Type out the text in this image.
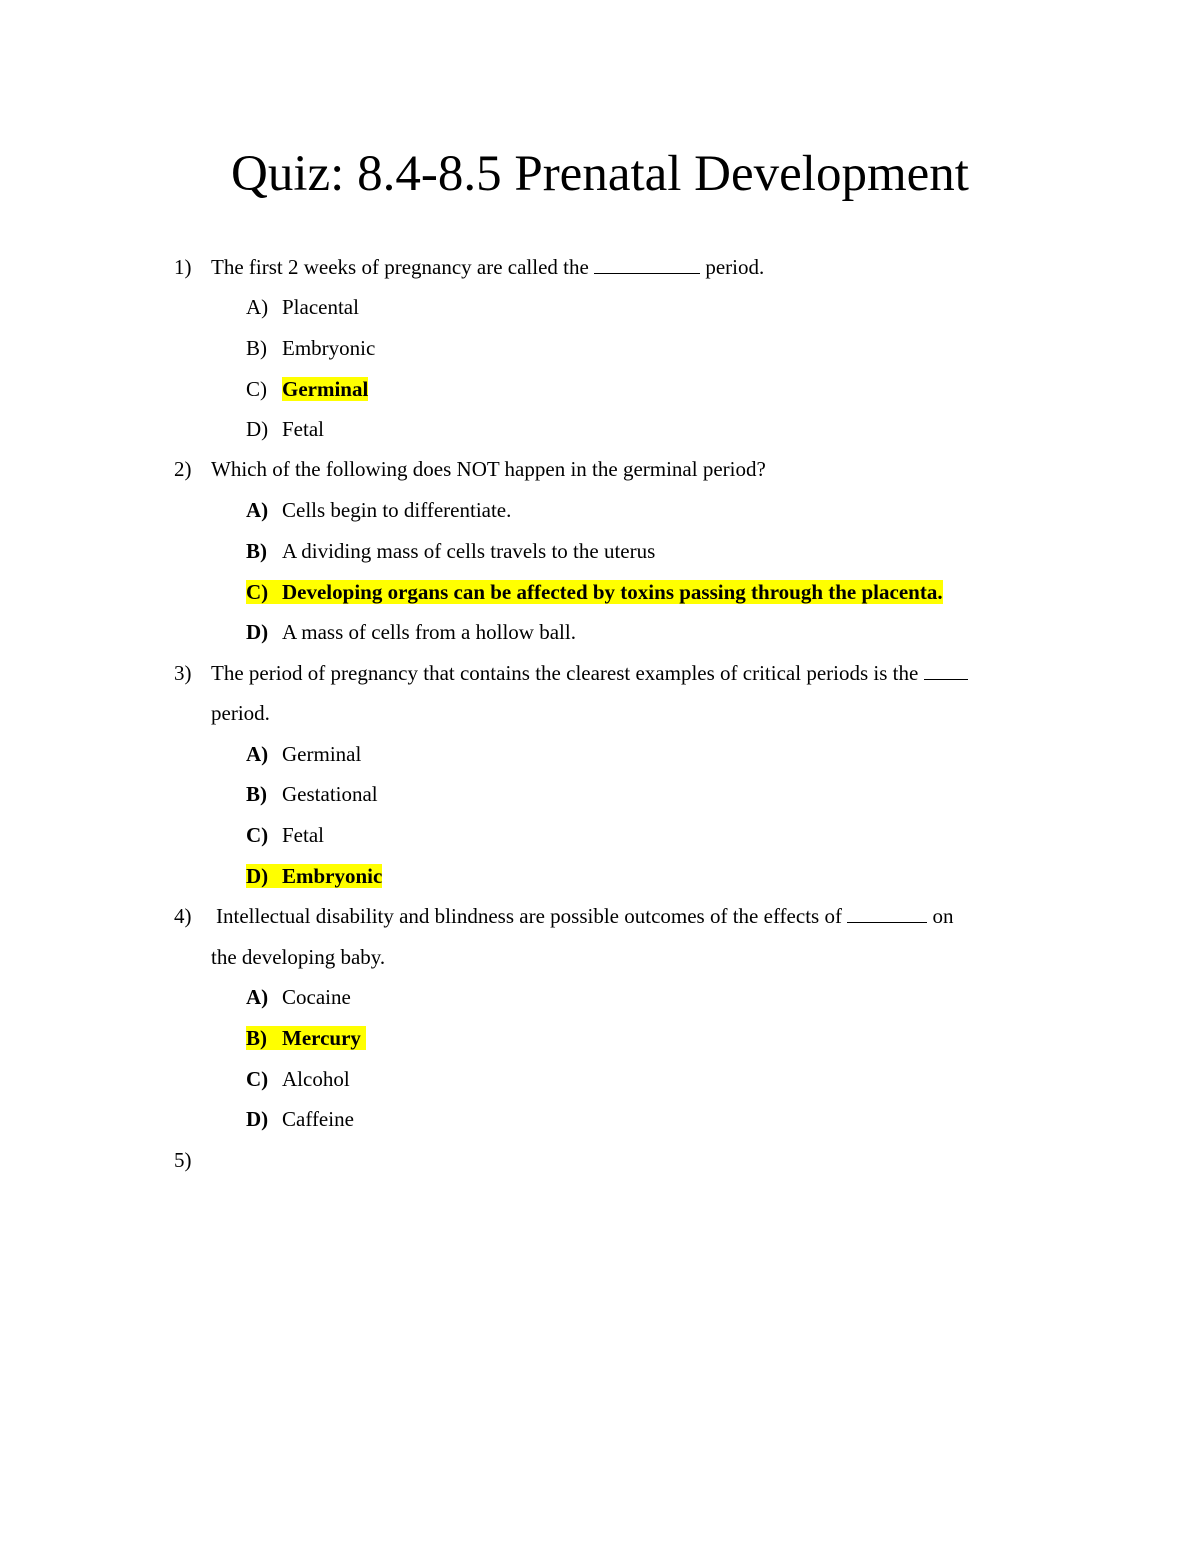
Quiz: 8.4-8.5 Prenatal Development
1) The first 2 weeks of pregnancy are called the	period.
A) Placental
B) Embryonic
C) Germinal
D) Fetal
2) Which of the following does NOT happen in the germinal period?
A) Cells begin to differentiate.
B) A dividing mass of cells travels to the uterus
C) Developing organs can be affected by toxins passing through the placenta.
D) A mass of cells from a hollow ball.
3) The period of pregnancy that contains the clearest examples of critical periods is the
period.
A) Germinal
B) Gestational
C) Fetal
D) Embryonic
4) Intellectual disability and blindness are possible outcomes of the effects of	on
the developing baby.
A) Cocaine
B) Mercury
C) Alcohol
D) Caffeine
5)
